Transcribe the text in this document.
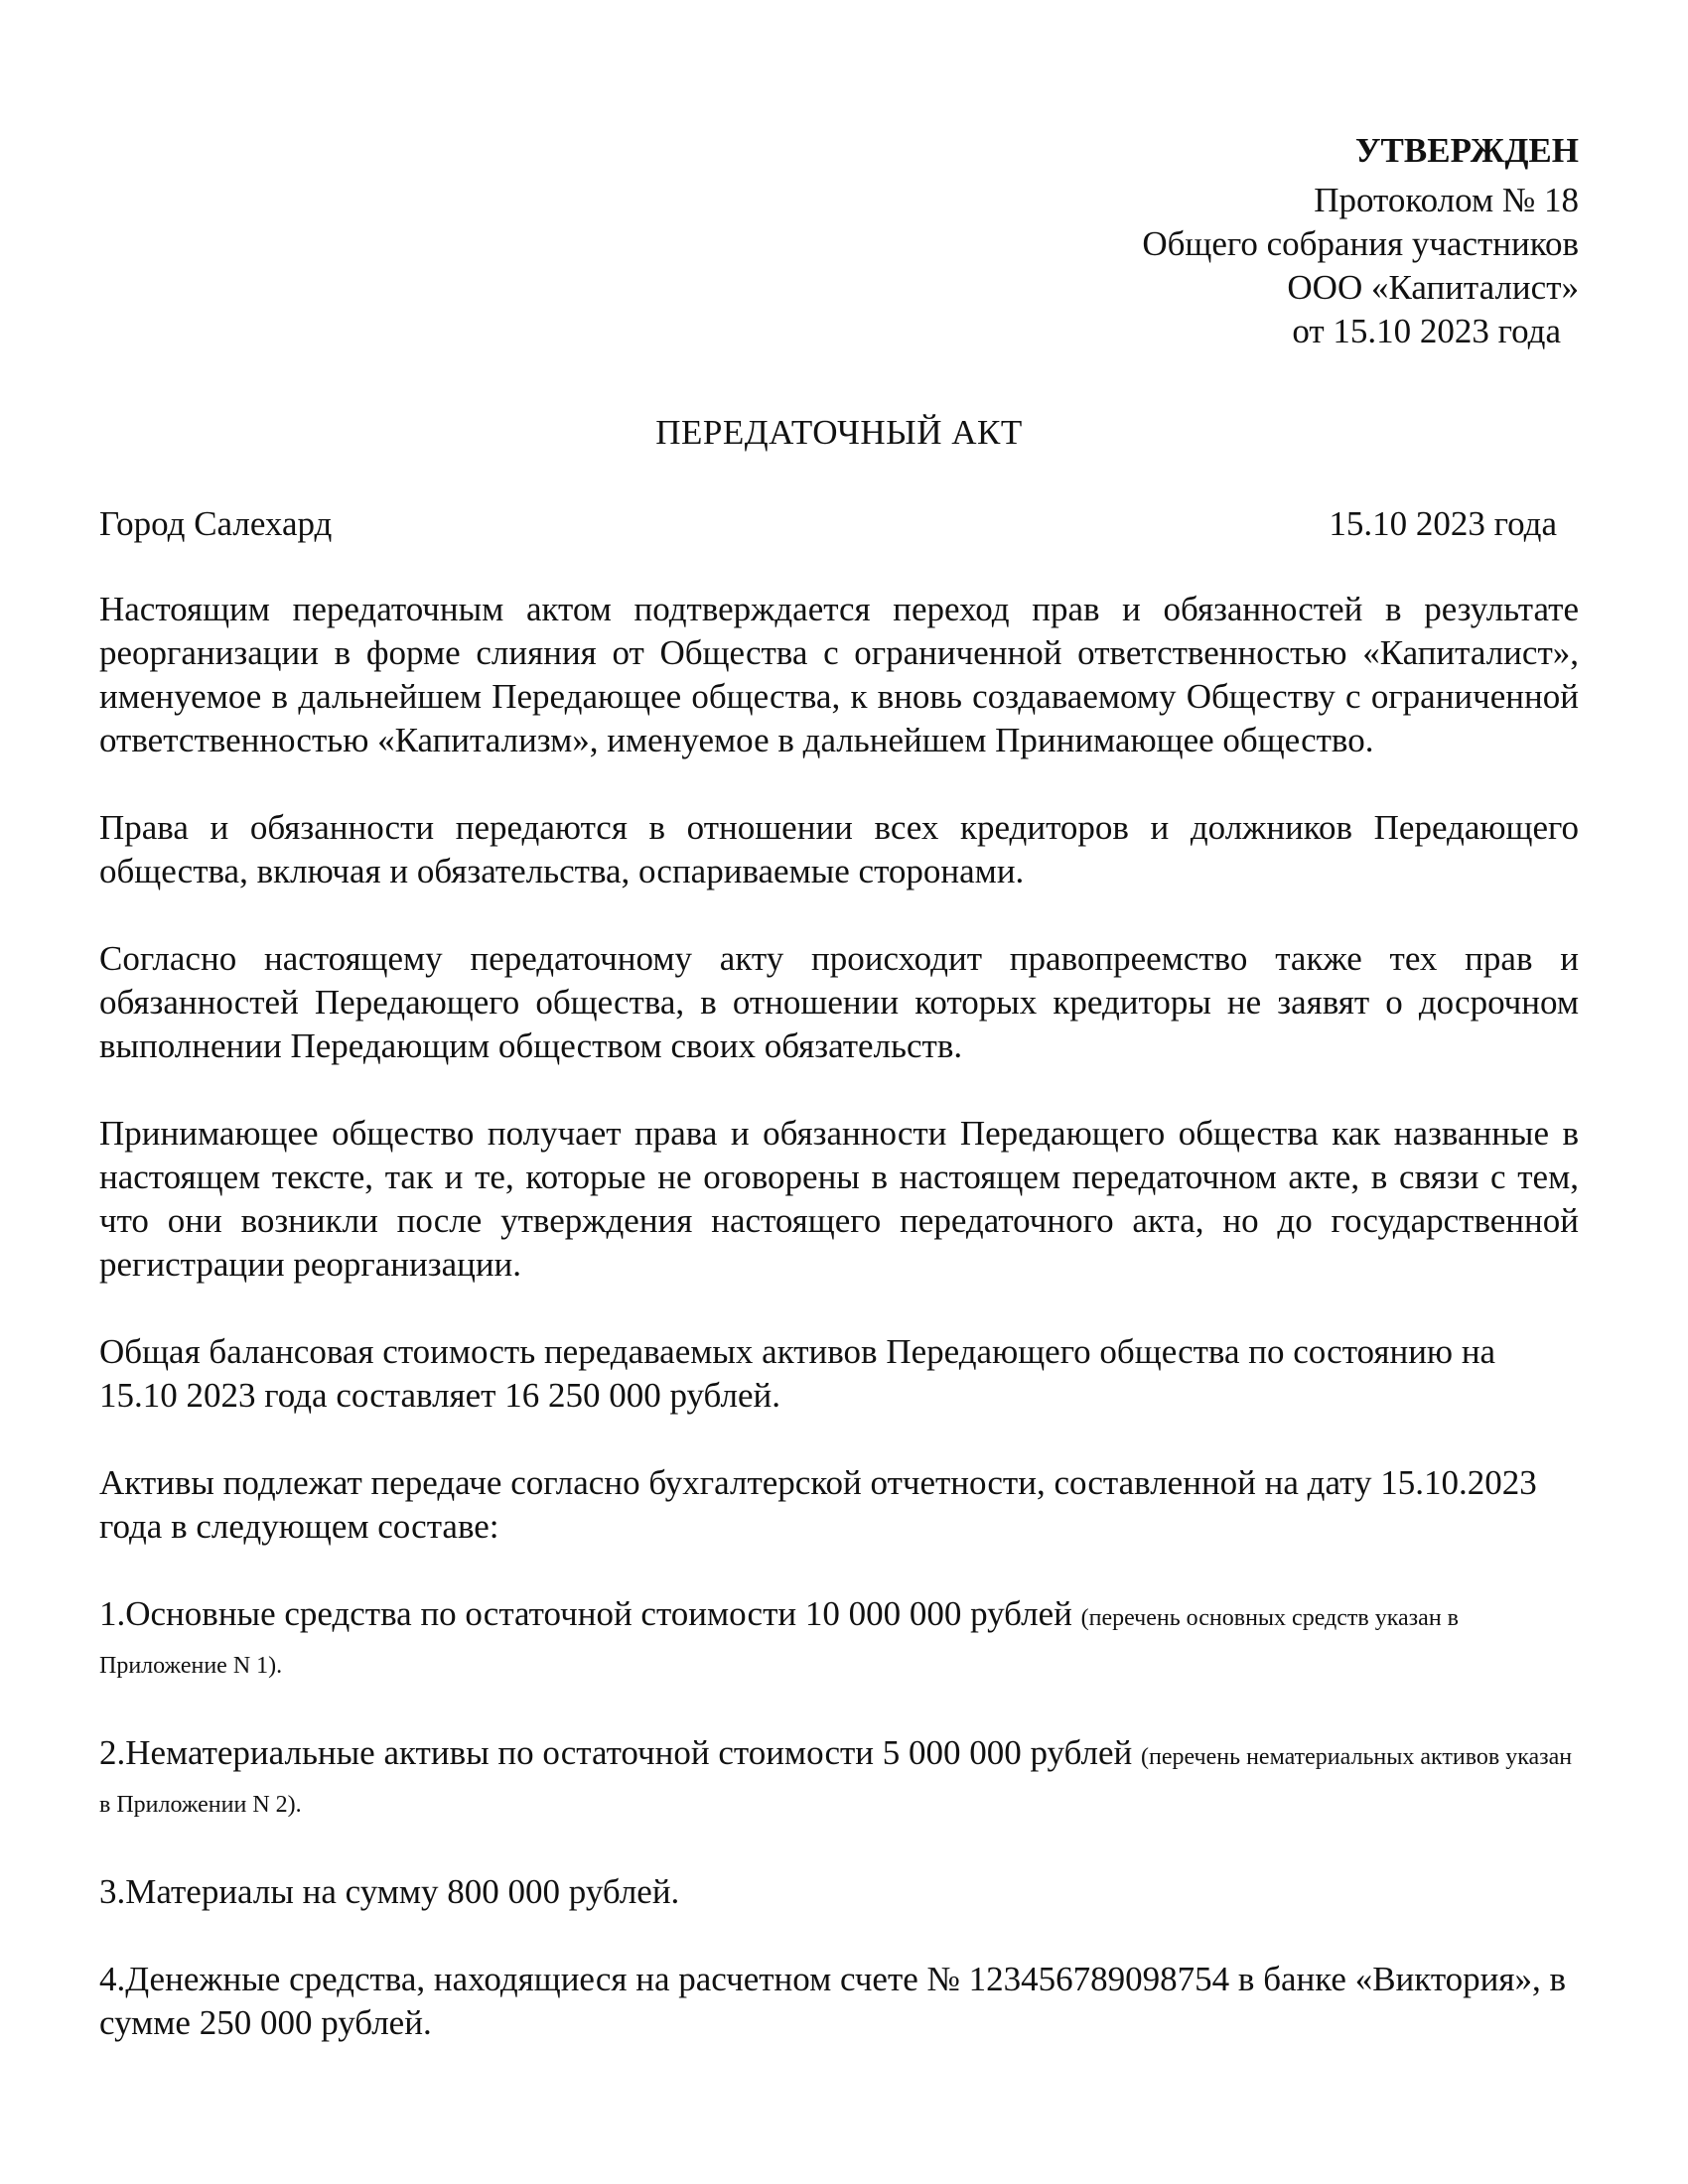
УТВЕРЖДЕН
Протоколом № 18
Общего собрания участников
ООО «Капиталист»
от 15.10 2023 года
ПЕРЕДАТОЧНЫЙ АКТ
Город Салехард	15.10 2023 года
Настоящим передаточным актом подтверждается переход прав и обязанностей в результате реорганизации в форме слияния от Общества с ограниченной ответственностью «Капиталист», именуемое в дальнейшем Передающее общества, к вновь создаваемому Обществу с ограниченной ответственностью «Капитализм», именуемое в дальнейшем Принимающее общество.
Права и обязанности передаются в отношении всех кредиторов и должников Передающего общества, включая и обязательства, оспариваемые сторонами.
Согласно настоящему передаточному акту происходит правопреемство также тех прав и обязанностей Передающего общества, в отношении которых кредиторы не заявят о досрочном выполнении Передающим обществом своих обязательств.
Принимающее общество получает права и обязанности Передающего общества как названные в настоящем тексте, так и те, которые не оговорены в настоящем передаточном акте, в связи с тем, что они возникли после утверждения настоящего передаточного акта, но до государственной регистрации реорганизации.
Общая балансовая стоимость передаваемых активов Передающего общества по состоянию на 15.10 2023 года составляет 16 250 000 рублей.
Активы подлежат передаче согласно бухгалтерской отчетности, составленной на дату 15.10.2023 года в следующем составе:
1.Основные средства по остаточной стоимости 10 000 000 рублей (перечень основных средств указан в Приложение N 1).
2.Нематериальные активы по остаточной стоимости 5 000 000 рублей (перечень нематериальных активов указан в Приложении N 2).
3.Материалы на сумму 800 000 рублей.
4.Денежные средства, находящиеся на расчетном счете № 123456789098754 в банке «Виктория», в сумме 250 000 рублей.
